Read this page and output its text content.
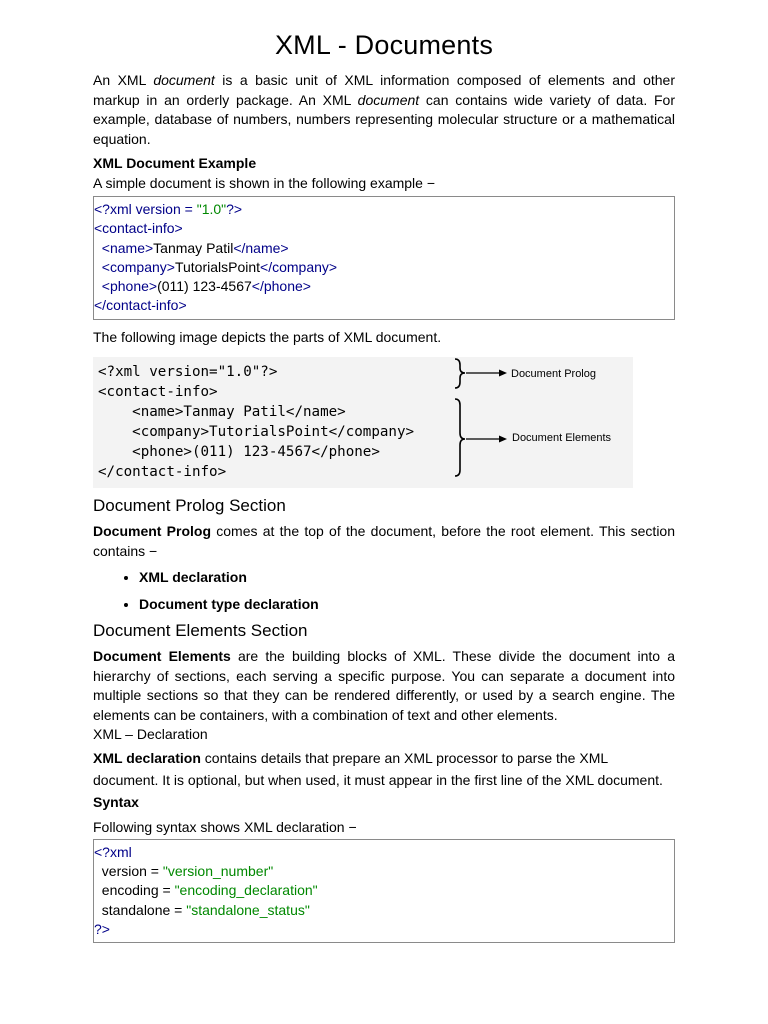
XML - Documents

An XML document is a basic unit of XML information composed of elements and other markup in an orderly package. An XML document can contains wide variety of data. For example, database of numbers, numbers representing molecular structure or a mathematical equation.

XML Document Example

A simple document is shown in the following example −

<?xml version = "1.0"?>
<contact-info>
<name>Tanmay Patil</name>
<company>TutorialsPoint</company>
<phone>(011) 123-4567</phone>
</contact-info>

The following image depicts the parts of XML document.

<?xml version="1.0"?>
<contact-info>
<name>Tanmay Patil</name>
<company>TutorialsPoint</company>
<phone>(011) 123-4567</phone>
</contact-info>
Document Prolog
Document Elements
Document Prolog Section

Document Prolog comes at the top of the document, before the root element. This section contains −

• XML declaration
• Document type declaration
Document Elements Section

Document Elements are the building blocks of XML. These divide the document into a hierarchy of sections, each serving a specific purpose. You can separate a document into multiple sections so that they can be rendered differently, or used by a search engine. The elements can be containers, with a combination of text and other elements.

XML – Declaration

XML declaration contains details that prepare an XML processor to parse the XML document. It is optional, but when used, it must appear in the first line of the XML document.

Syntax

Following syntax shows XML declaration −

<?xml
version = "version_number"
encoding = "encoding_declaration"
standalone = "standalone_status"
?>
